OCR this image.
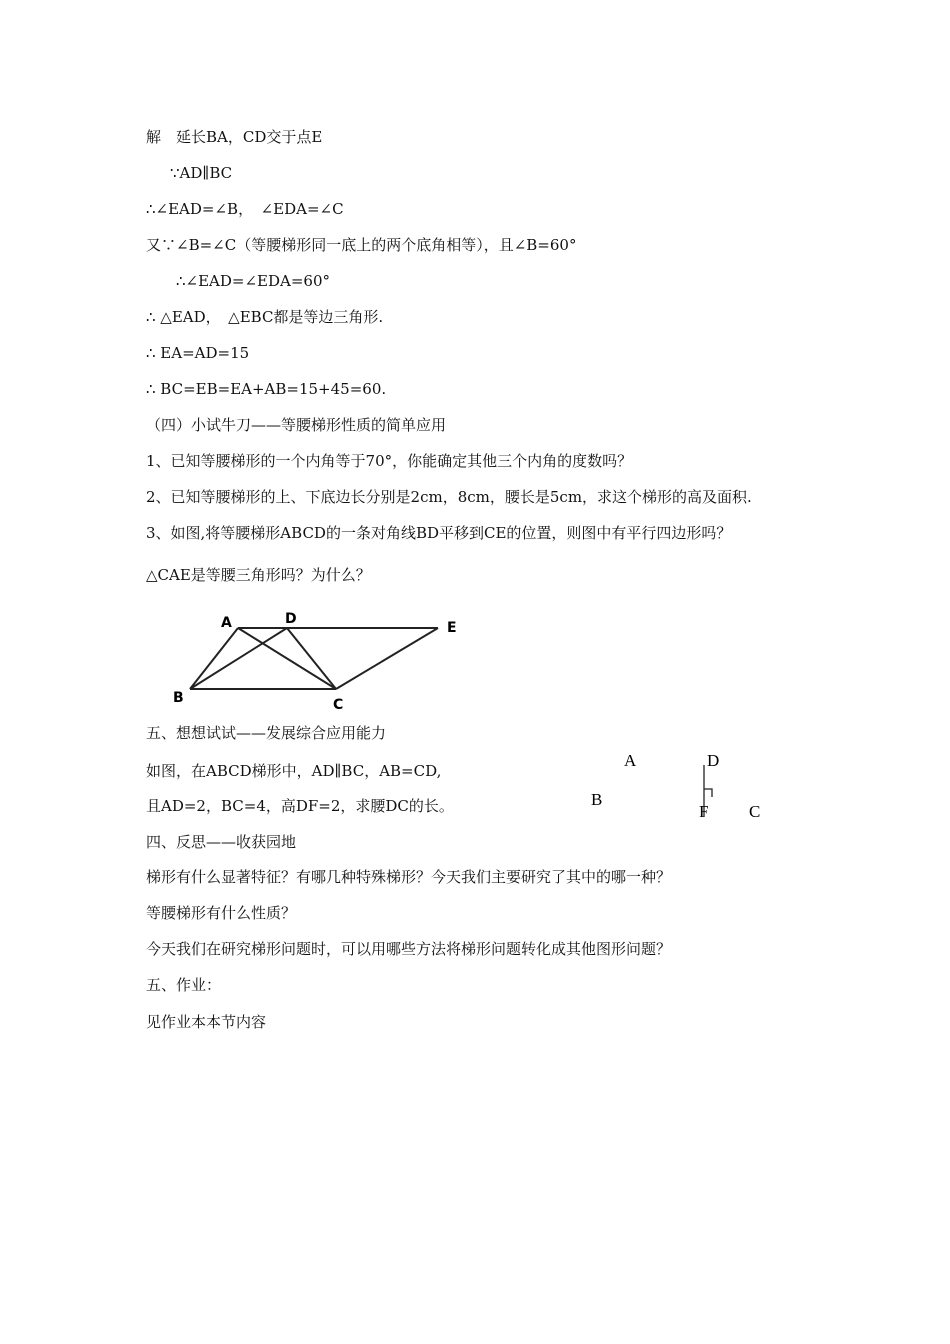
解　延长BA，CD交于点E
∵AD∥BC
∴∠EAD=∠B，　∠EDA=∠C
又∵∠B=∠C（等腰梯形同一底上的两个底角相等），且∠B=60°
∴∠EAD=∠EDA=60°
∴ △EAD，　△EBC都是等边三角形.
∴ EA=AD=15
∴ BC=EB=EA+AB=15+45=60.
（四）小试牛刀——等腰梯形性质的简单应用
1、已知等腰梯形的一个内角等于70°，你能确定其他三个内角的度数吗？
2、已知等腰梯形的上、下底边长分别是2cm，8cm，腰长是5cm，求这个梯形的高及面积.
3、如图,将等腰梯形ABCD的一条对角线BD平移到CE的位置，则图中有平行四边形吗？
△CAE是等腰三角形吗？为什么？
A	D
E
B	C
五、想想试试——发展综合应用能力
如图，在ABCD梯形中，AD∥BC，AB=CD,
且AD=2，BC=4，高DF=2，求腰DC的长。
A	D
B
F C
四、反思——收获园地
梯形有什么显著特征？有哪几种特殊梯形？今天我们主要研究了其中的哪一种？
等腰梯形有什么性质？
今天我们在研究梯形问题时，可以用哪些方法将梯形问题转化成其他图形问题？
五、作业：
见作业本本节内容
